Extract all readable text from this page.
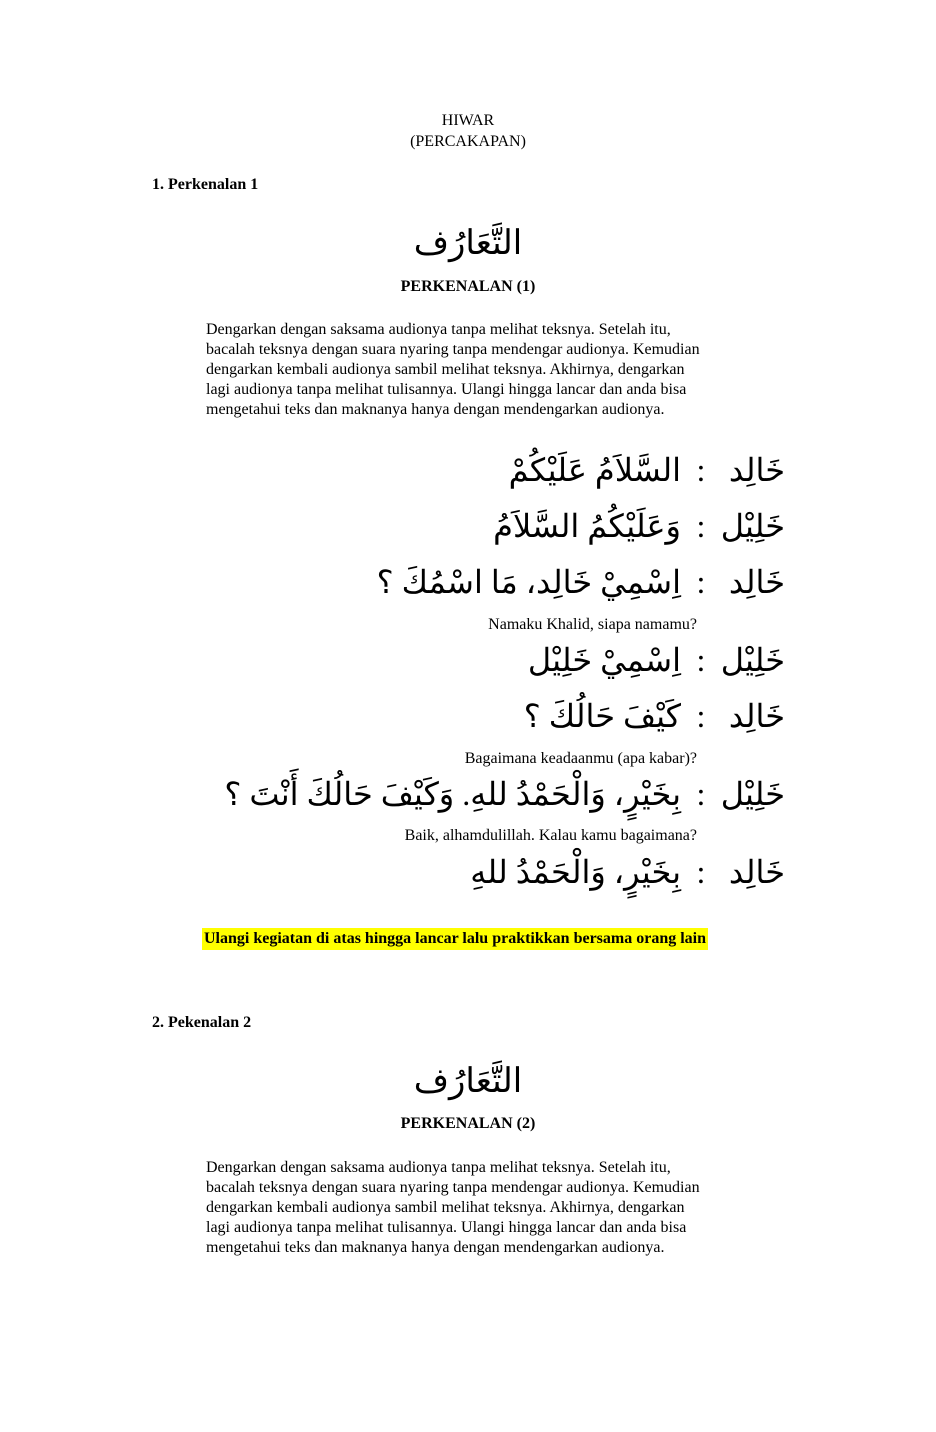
HIWAR
(PERCAKAPAN)
1. Perkenalan 1
التَّعَارُف
PERKENALAN (1)
Dengarkan dengan saksama audionya tanpa melihat teksnya. Setelah itu,
bacalah teksnya dengan suara nyaring tanpa mendengar audionya. Kemudian
dengarkan kembali audionya sambil melihat teksnya. Akhirnya, dengarkan
lagi audionya tanpa melihat tulisannya. Ulangi hingga lancar dan anda bisa
mengetahui teks dan maknanya hanya dengan mendengarkan audionya.
خَالِد:السَّلاَمُ عَلَيْكُمْ
خَلِيْل:وَعَلَيْكُمُ السَّلاَمُ
خَالِد:اِسْمِيْ خَالِد، مَا اسْمُكَ ؟
Namaku Khalid, siapa namamu?
خَلِيْل:اِسْمِيْ خَلِيْل
خَالِد:كَيْفَ حَالُكَ ؟
Bagaimana keadaanmu (apa kabar)?
خَلِيْل:بِخَيْرٍ، وَالْحَمْدُ للهِ. وَكَيْفَ حَالُكَ أَنْتَ ؟
Baik, alhamdulillah. Kalau kamu bagaimana?
خَالِد:بِخَيْرٍ، وَالْحَمْدُ للهِ
Ulangi kegiatan di atas hingga lancar lalu praktikkan bersama orang lain
2. Pekenalan 2
التَّعَارُف
PERKENALAN (2)
Dengarkan dengan saksama audionya tanpa melihat teksnya. Setelah itu,
bacalah teksnya dengan suara nyaring tanpa mendengar audionya. Kemudian
dengarkan kembali audionya sambil melihat teksnya. Akhirnya, dengarkan
lagi audionya tanpa melihat tulisannya. Ulangi hingga lancar dan anda bisa
mengetahui teks dan maknanya hanya dengan mendengarkan audionya.
